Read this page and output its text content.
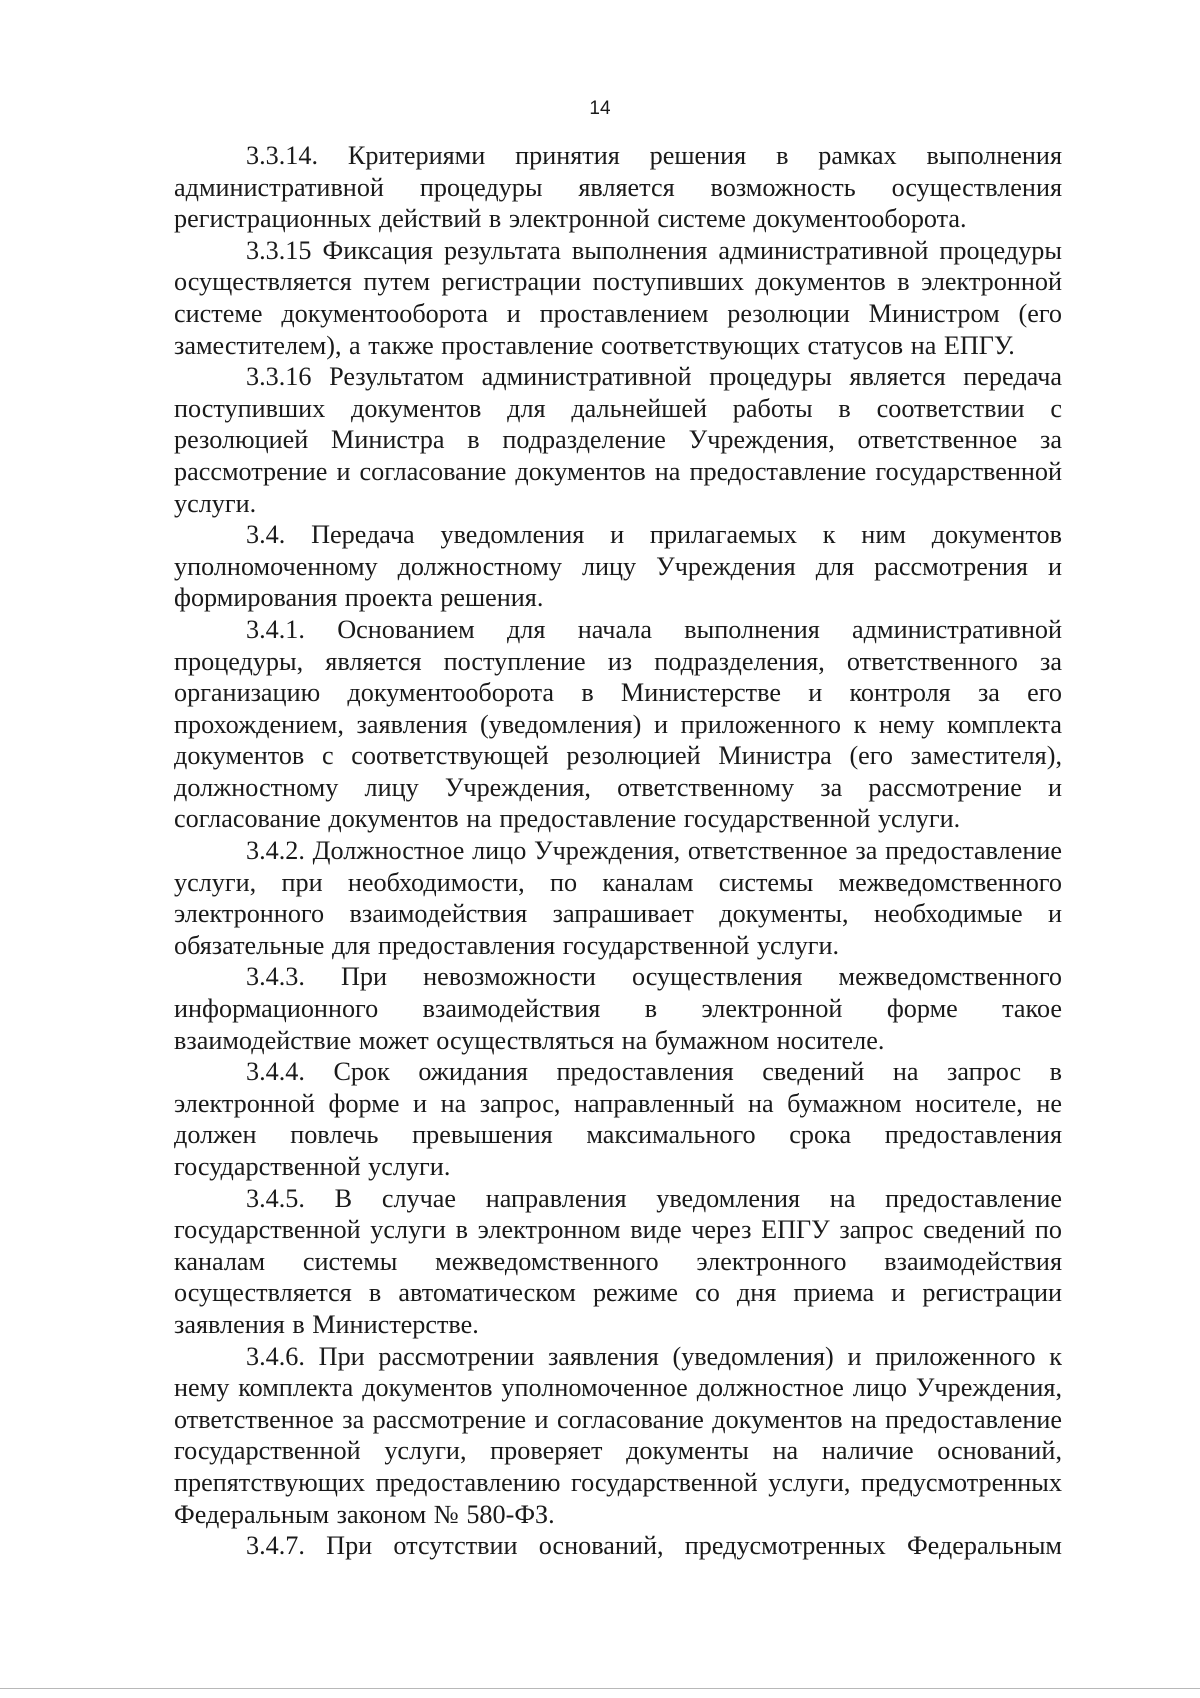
14

3.3.14. Критериями принятия решения в рамках выполнения административной процедуры является возможность осуществления регистрационных действий в электронной системе документооборота.

3.3.15 Фиксация результата выполнения административной процедуры осуществляется путем регистрации поступивших документов в электронной системе документооборота и проставлением резолюции Министром (его заместителем), а также проставление соответствующих статусов на ЕПГУ.

3.3.16 Результатом административной процедуры является передача поступивших документов для дальнейшей работы в соответствии с резолюцией Министра в подразделение Учреждения, ответственное за рассмотрение и согласование документов на предоставление государственной услуги.

3.4. Передача уведомления и прилагаемых к ним документов уполномоченному должностному лицу Учреждения для рассмотрения и формирования проекта решения.

3.4.1. Основанием для начала выполнения административной процедуры, является поступление из подразделения, ответственного за организацию документооборота в Министерстве и контроля за его прохождением, заявления (уведомления) и приложенного к нему комплекта документов с соответствующей резолюцией Министра (его заместителя), должностному лицу Учреждения, ответственному за рассмотрение и согласование документов на предоставление государственной услуги.

3.4.2. Должностное лицо Учреждения, ответственное за предоставление услуги, при необходимости, по каналам системы межведомственного электронного взаимодействия запрашивает документы, необходимые и обязательные для предоставления государственной услуги.

3.4.3. При невозможности осуществления межведомственного информационного взаимодействия в электронной форме такое взаимодействие может осуществляться на бумажном носителе.

3.4.4. Срок ожидания предоставления сведений на запрос в электронной форме и на запрос, направленный на бумажном носителе, не должен повлечь превышения максимального срока предоставления государственной услуги.

3.4.5. В случае направления уведомления на предоставление государственной услуги в электронном виде через ЕПГУ запрос сведений по каналам системы межведомственного электронного взаимодействия осуществляется в автоматическом режиме со дня приема и регистрации заявления в Министерстве.

3.4.6. При рассмотрении заявления (уведомления) и приложенного к нему комплекта документов уполномоченное должностное лицо Учреждения, ответственное за рассмотрение и согласование документов на предоставление государственной услуги, проверяет документы на наличие оснований, препятствующих предоставлению государственной услуги, предусмотренных Федеральным законом № 580-ФЗ.

3.4.7. При отсутствии оснований, предусмотренных Федеральным
